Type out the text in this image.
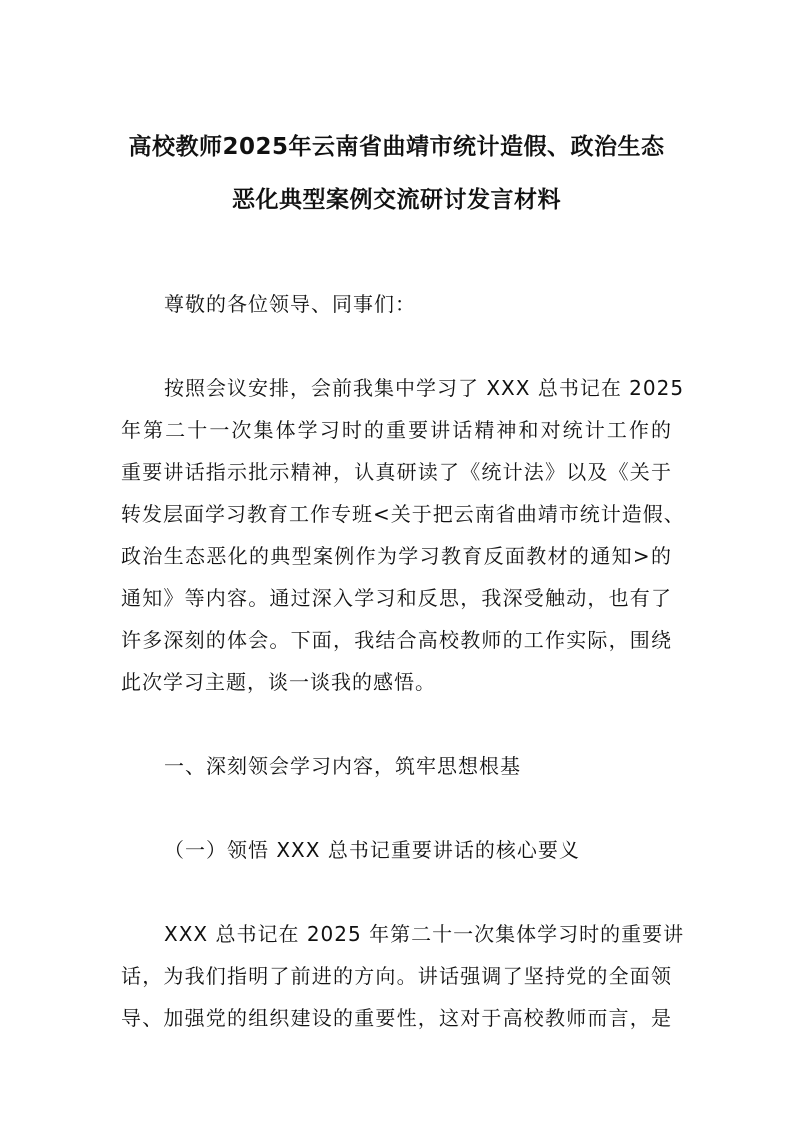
高校教师2025年云南省曲靖市统计造假、政治生态
恶化典型案例交流研讨发言材料

尊敬的各位领导、同事们：

按照会议安排，会前我集中学习了 XXX 总书记在 2025

年第二十一次集体学习时的重要讲话精神和对统计工作的

重要讲话指示批示精神，认真研读了《统计法》以及《关于

转发层面学习教育工作专班<关于把云南省曲靖市统计造假、

政治生态恶化的典型案例作为学习教育反面教材的通知>的

通知》等内容。通过深入学习和反思，我深受触动，也有了

许多深刻的体会。下面，我结合高校教师的工作实际，围绕

此次学习主题，谈一谈我的感悟。

一、深刻领会学习内容，筑牢思想根基

（一）领悟 XXX 总书记重要讲话的核心要义

XXX 总书记在 2025 年第二十一次集体学习时的重要讲

话，为我们指明了前进的方向。讲话强调了坚持党的全面领

导、加强党的组织建设的重要性，这对于高校教师而言，是
